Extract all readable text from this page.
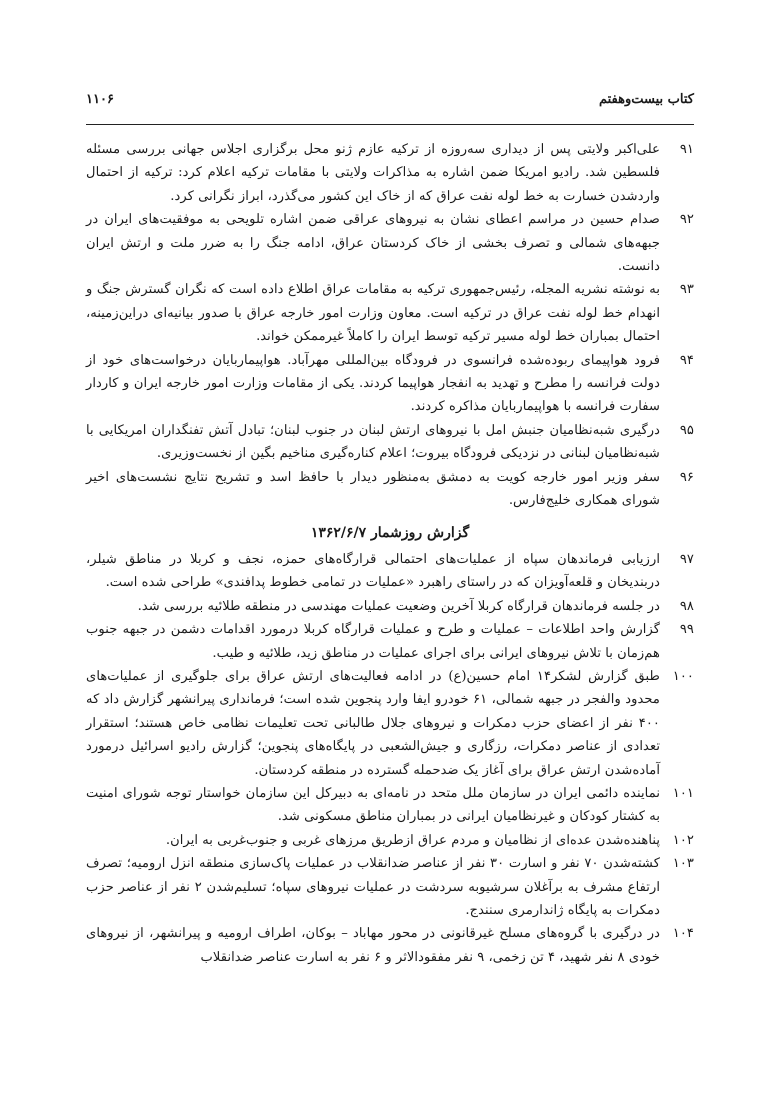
کتاب بیست‌وهفتم
۱۱۰۶
۹۱
علی‌اکبر ولایتی پس از دیداری سه‌روزه از ترکیه عازم ژنو محل برگزاری اجلاس جهانی بررسی مسئله فلسطین شد. رادیو امریکا ضمن اشاره به مذاکرات ولایتی با مقامات ترکیه اعلام کرد: ترکیه از احتمال واردشدن خسارت به خط لوله نفت عراق که از خاک این کشور می‌گذرد، ابراز نگرانی کرد.
۹۲
صدام حسین در مراسم اعطای نشان به نیروهای عراقی ضمن اشاره تلویحی به موفقیت‌های ایران در جبهه‌های شمالی و تصرف بخشی از خاک کردستان عراق، ادامه جنگ را به ضرر ملت و ارتش ایران دانست.
۹۳
به نوشته نشریه المجله، رئیس‌جمهوری ترکیه به مقامات عراق اطلاع داده است که نگران گسترش جنگ و انهدام خط لوله نفت عراق در ترکیه است. معاون وزارت امور خارجه عراق با صدور بیانیه‌ای دراین‌زمینه، احتمال بمباران خط لوله مسیر ترکیه توسط ایران را کاملاً غیرممکن خواند.
۹۴
فرود هواپیمای ربوده‌شده فرانسوی در فرودگاه بین‌المللی مهرآباد. هواپیماربایان درخواست‌های خود از دولت فرانسه را مطرح و تهدید به انفجار هواپیما کردند. یکی از مقامات وزارت امور خارجه ایران و کاردار سفارت فرانسه با هواپیماربایان مذاکره کردند.
۹۵
درگیری شبه‌نظامیان جنبش امل با نیروهای ارتش لبنان در جنوب لبنان؛ تبادل آتش تفنگداران امریکایی با شبه‌نظامیان لبنانی در نزدیکی فرودگاه بیروت؛ اعلام کناره‌گیری مناخیم بگین از نخست‌وزیری.
۹۶
سفر وزیر امور خارجه کویت به دمشق به‌منظور دیدار با حافظ اسد و تشریح نتایج نشست‌های اخیر شورای همکاری خلیج‌فارس.
گزارش روزشمار ۱۳۶۲/۶/۷
۹۷
ارزیابی فرماندهان سپاه از عملیات‌های احتمالی قرارگاه‌های حمزه، نجف و کربلا در مناطق شیلر، دربندیخان و قلعه‌آویزان که در راستای راهبرد «عملیات در تمامی خطوط پدافندی» طراحی شده است.
۹۸
در جلسه فرماندهان قرارگاه کربلا آخرین وضعیت عملیات مهندسی در منطقه طلائیه بررسی شد.
۹۹
گزارش واحد اطلاعات – عملیات و طرح و عملیات قرارگاه کربلا درمورد اقدامات دشمن در جبهه جنوب هم‌زمان با تلاش نیروهای ایرانی برای اجرای عملیات در مناطق زید، طلائیه و طیب.
۱۰۰
طبق گزارش لشکر۱۴ امام حسین(ع) در ادامه فعالیت‌های ارتش عراق برای جلوگیری از عملیات‌های محدود والفجر در جبهه شمالی، ۶۱ خودرو ایفا وارد پنجوین شده است؛ فرمانداری پیرانشهر گزارش داد که ۴۰۰ نفر از اعضای حزب دمکرات و نیروهای جلال طالبانی تحت تعلیمات نظامی خاص هستند؛ استقرار تعدادی از عناصر دمکرات، رزگاری و جیش‌الشعبی در پایگاه‌های پنجوین؛ گزارش رادیو اسرائیل درمورد آماده‌شدن ارتش عراق برای آغاز یک ضدحمله گسترده در منطقه کردستان.
۱۰۱
نماینده دائمی ایران در سازمان ملل متحد در نامه‌ای به دبیرکل این سازمان خواستار توجه شورای امنیت به کشتار کودکان و غیرنظامیان ایرانی در بمباران مناطق مسکونی شد.
۱۰۲
پناهنده‌شدن عده‌ای از نظامیان و مردم عراق ازطریق مرزهای غربی و جنوب‌غربی به ایران.
۱۰۳
کشته‌شدن ۷۰ نفر و اسارت ۳۰ نفر از عناصر ضدانقلاب در عملیات پاک‌سازی منطقه انزل ارومیه؛ تصرف ارتفاع مشرف به برآغلان سرشیوبه سردشت در عملیات نیروهای سپاه؛ تسلیم‌شدن ۲ نفر از عناصر حزب دمکرات به پایگاه ژاندارمری سنندج.
۱۰۴
در درگیری با گروه‌های مسلح غیرقانونی در محور مهاباد – بوکان، اطراف ارومیه و پیرانشهر، از نیروهای خودی ۸ نفر شهید، ۴ تن زخمی، ۹ نفر مفقودالاثر و ۶ نفر به اسارت عناصر ضدانقلاب
